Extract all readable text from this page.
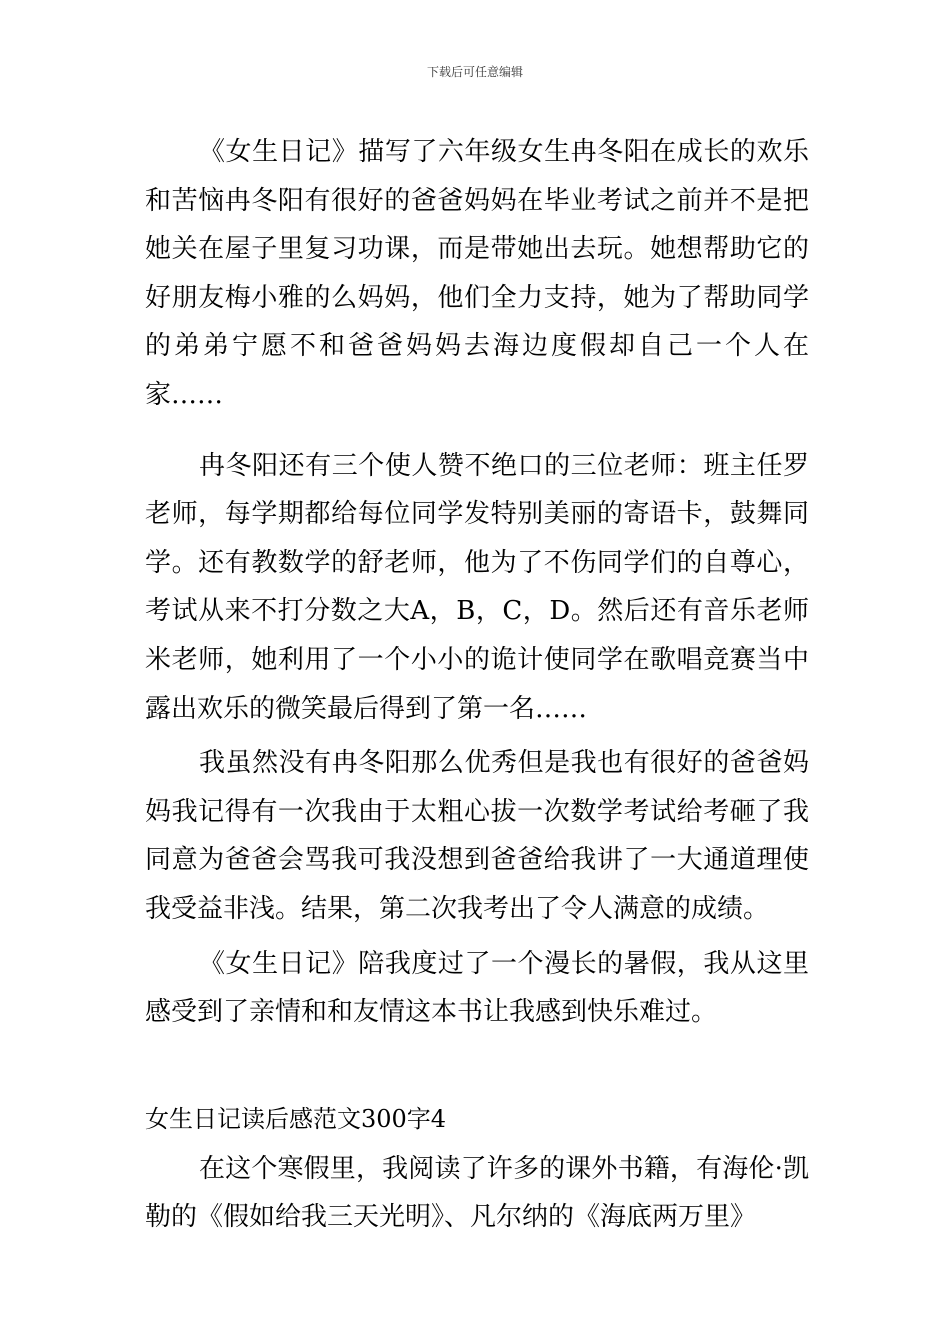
下载后可任意编辑

《女生日记》描写了六年级女生冉冬阳在成长的欢乐和苦恼冉冬阳有很好的爸爸妈妈在毕业考试之前并不是把她关在屋子里复习功课，而是带她出去玩。她想帮助它的好朋友梅小雅的么妈妈，他们全力支持，她为了帮助同学的弟弟宁愿不和爸爸妈妈去海边度假却自己一个人在家……

冉冬阳还有三个使人赞不绝口的三位老师：班主任罗老师，每学期都给每位同学发特别美丽的寄语卡，鼓舞同学。还有教数学的舒老师，他为了不伤同学们的自尊心，考试从来不打分数之大A，B，C，D。然后还有音乐老师米老师，她利用了一个小小的诡计使同学在歌唱竞赛当中露出欢乐的微笑最后得到了第一名……

我虽然没有冉冬阳那么优秀但是我也有很好的爸爸妈妈我记得有一次我由于太粗心拔一次数学考试给考砸了我同意为爸爸会骂我可我没想到爸爸给我讲了一大通道理使我受益非浅。结果，第二次我考出了令人满意的成绩。

《女生日记》陪我度过了一个漫长的暑假，我从这里感受到了亲情和和友情这本书让我感到快乐难过。

女生日记读后感范文300字4

在这个寒假里，我阅读了许多的课外书籍，有海伦·凯勒的《假如给我三天光明》、凡尔纳的《海底两万里》
